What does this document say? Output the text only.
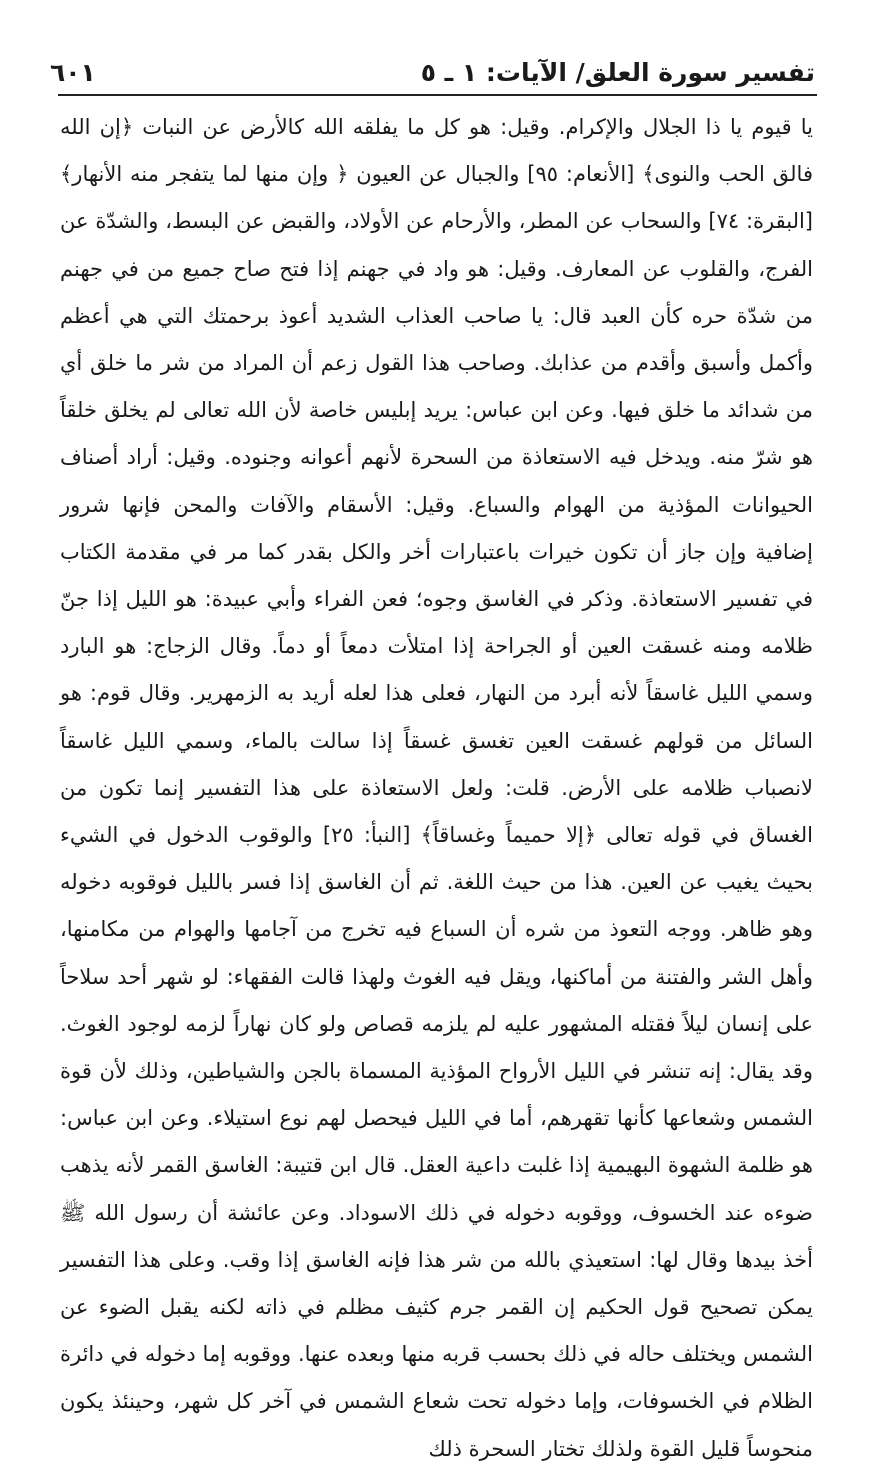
تفسير سورة العلق/ الآيات: ١ ـ ٥
٦٠١

يا قيوم يا ذا الجلال والإكرام. وقيل: هو كل ما يفلقه الله كالأرض عن النبات ﴿إن الله فالق الحب والنوى﴾ [الأنعام: ٩٥] والجبال عن العيون ﴿ وإن منها لما يتفجر منه الأنهار﴾ [البقرة: ٧٤] والسحاب عن المطر، والأرحام عن الأولاد، والقبض عن البسط، والشدّة عن الفرج، والقلوب عن المعارف. وقيل: هو واد في جهنم إذا فتح صاح جميع من في جهنم من شدّة حره كأن العبد قال: يا صاحب العذاب الشديد أعوذ برحمتك التي هي أعظم وأكمل وأسبق وأقدم من عذابك. وصاحب هذا القول زعم أن المراد من شر ما خلق أي من شدائد ما خلق فيها. وعن ابن عباس: يريد إبليس خاصة لأن الله تعالى لم يخلق خلقاً هو شرّ منه. ويدخل فيه الاستعاذة من السحرة لأنهم أعوانه وجنوده. وقيل: أراد أصناف الحيوانات المؤذية من الهوام والسباع. وقيل: الأسقام والآفات والمحن فإنها شرور إضافية وإن جاز أن تكون خيرات باعتبارات أخر والكل بقدر كما مر في مقدمة الكتاب في تفسير الاستعاذة. وذكر في الغاسق وجوه؛ فعن الفراء وأبي عبيدة: هو الليل إذا جنّ ظلامه ومنه غسقت العين أو الجراحة إذا امتلأت دمعاً أو دماً. وقال الزجاج: هو البارد وسمي الليل غاسقاً لأنه أبرد من النهار، فعلى هذا لعله أريد به الزمهرير. وقال قوم: هو السائل من قولهم غسقت العين تغسق غسقاً إذا سالت بالماء، وسمي الليل غاسقاً لانصباب ظلامه على الأرض. قلت: ولعل الاستعاذة على هذا التفسير إنما تكون من الغساق في قوله تعالى ﴿إلا حميماً وغساقاً﴾ [النبأ: ٢٥] والوقوب الدخول في الشيء بحيث يغيب عن العين. هذا من حيث اللغة. ثم أن الغاسق إذا فسر بالليل فوقوبه دخوله وهو ظاهر. ووجه التعوذ من شره أن السباع فيه تخرج من آجامها والهوام من مكامنها، وأهل الشر والفتنة من أماكنها، ويقل فيه الغوث ولهذا قالت الفقهاء: لو شهر أحد سلاحاً على إنسان ليلاً فقتله المشهور عليه لم يلزمه قصاص ولو كان نهاراً لزمه لوجود الغوث. وقد يقال: إنه تنشر في الليل الأرواح المؤذية المسماة بالجن والشياطين، وذلك لأن قوة الشمس وشعاعها كأنها تقهرهم، أما في الليل فيحصل لهم نوع استيلاء. وعن ابن عباس: هو ظلمة الشهوة البهيمية إذا غلبت داعية العقل. قال ابن قتيبة: الغاسق القمر لأنه يذهب ضوءه عند الخسوف، ووقوبه دخوله في ذلك الاسوداد. وعن عائشة أن رسول الله ﷺ أخذ بيدها وقال لها: استعيذي بالله من شر هذا فإنه الغاسق إذا وقب. وعلى هذا التفسير يمكن تصحيح قول الحكيم إن القمر جرم كثيف مظلم في ذاته لكنه يقبل الضوء عن الشمس ويختلف حاله في ذلك بحسب قربه منها وبعده عنها. ووقوبه إما دخوله في دائرة الظلام في الخسوفات، وإما دخوله تحت شعاع الشمس في آخر كل شهر، وحينئذ يكون منحوساً قليل القوة ولذلك تختار السحرة ذلك
